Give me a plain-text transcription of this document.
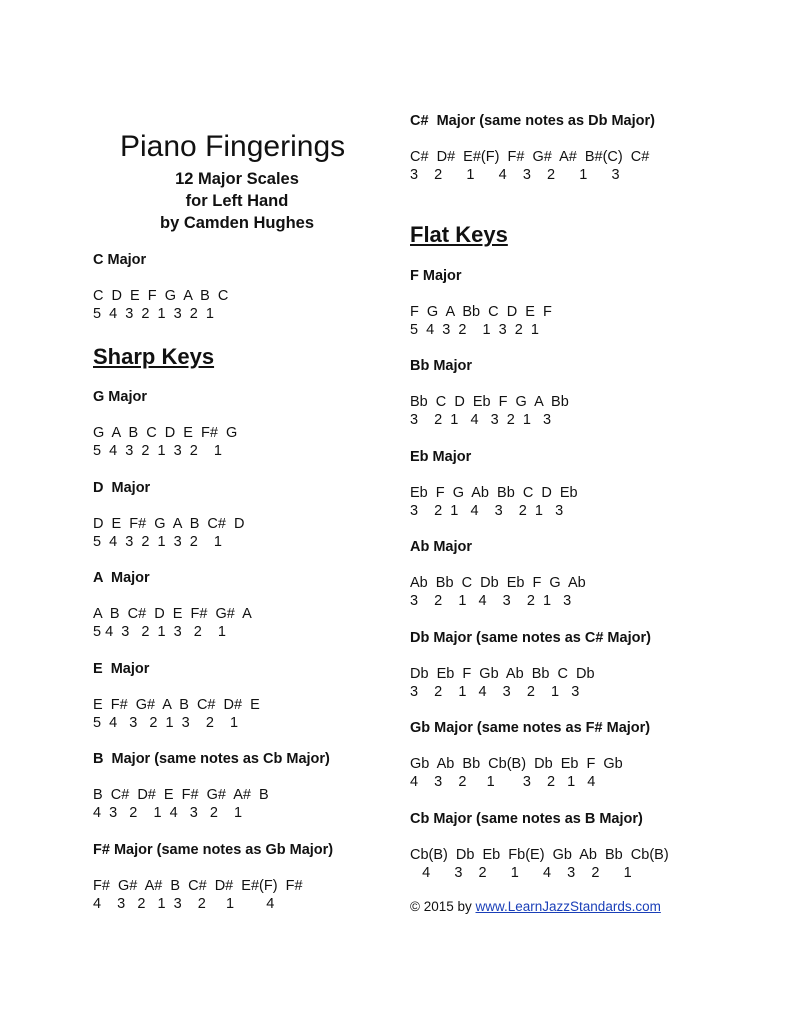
Piano Fingerings
12 Major Scales
for Left Hand
by Camden Hughes
C Major
C  D  E  F  G  A  B  C
5  4  3  2  1  3  2  1
Sharp Keys
G Major
G  A  B  C  D  E  F#  G
5  4  3  2  1  3  2    1
D  Major
D  E  F#  G  A  B  C#  D
5  4  3  2  1  3  2    1
A  Major
A  B  C#  D  E  F#  G#  A
5 4  3   2  1  3   2    1
E  Major
E  F#  G#  A  B  C#  D#  E
5  4   3   2  1  3    2    1
B  Major (same notes as Cb Major)
B  C#  D#  E  F#  G#  A#  B
4  3   2    1  4   3   2    1
F# Major (same notes as Gb Major)
F#  G#  A#  B  C#  D#  E#(F)  F#
4    3   2   1  3    2     1        4
C#  Major (same notes as Db Major)
C#  D#  E#(F)  F#  G#  A#  B#(C)  C#
3    2      1      4    3    2      1      3
Flat Keys
F Major
F  G  A  Bb  C  D  E  F
5  4  3  2    1  3  2  1
Bb Major
Bb  C  D  Eb  F  G  A  Bb
3    2  1   4   3  2  1   3
Eb Major
Eb  F  G  Ab  Bb  C  D  Eb
3    2  1   4    3    2  1   3
Ab Major
Ab  Bb  C  Db  Eb  F  G  Ab
3    2    1   4    3    2  1   3
Db Major (same notes as C# Major)
Db  Eb  F  Gb  Ab  Bb  C  Db
3    2    1   4    3    2    1   3
Gb Major (same notes as F# Major)
Gb  Ab  Bb  Cb(B)  Db  Eb  F  Gb
4    3    2     1       3    2   1   4
Cb Major (same notes as B Major)
Cb(B)  Db  Eb  Fb(E)  Gb  Ab  Bb  Cb(B)
4      3    2      1      4    3    2      1
© 2015 by www.LearnJazzStandards.com
